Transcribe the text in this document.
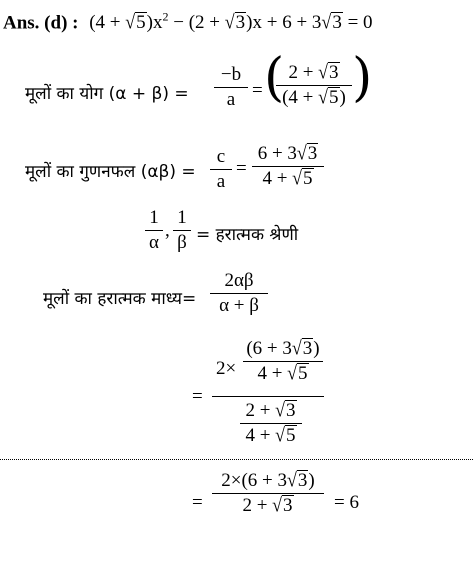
Ans. (d) : $(4 + √5)x^2 - (2 + √3)x + 6 + 3√3 = 0$
मूलों का योग (α + β) =
−b
a = ( 2 + √3
(4 + √5) )
मूलों का गुणनफल (αβ) =
c
a
=
6 + 3√3
4 + √5
1
α
,
1
β = हरात्मक श्रेणी
मूलों का हरात्मक माध्य=
2αβ
α + β
=
2×
(6 + 3√3)
4 + √5
2 + √3
4 + √5
=
2×(6 + 3√3)
2 + √3	= 6
